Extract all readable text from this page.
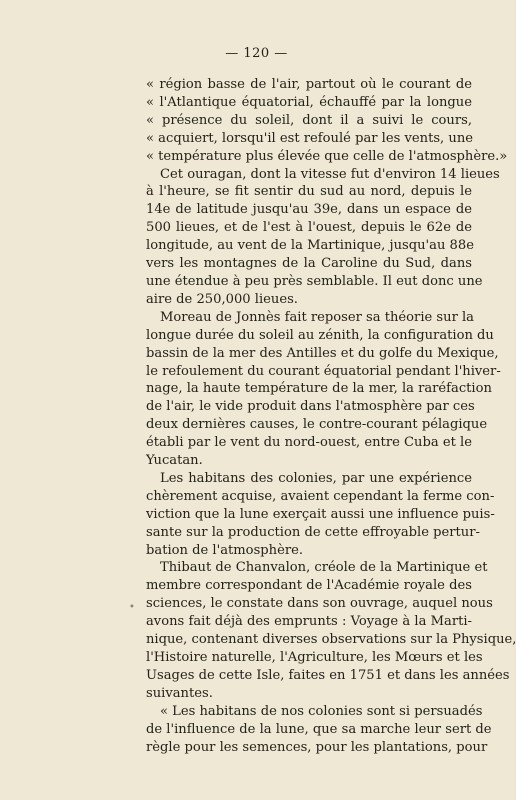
— 120 —
« région basse de l'air, partout où le courant de
« l'Atlantique équatorial, échauffé par la longue
« présence du soleil, dont il a suivi le cours,
« acquiert, lorsqu'il est refoulé par les vents, une
« température plus élevée que celle de l'atmosphère.»
Cet ouragan, dont la vitesse fut d'environ 14 lieues
à l'heure, se fit sentir du sud au nord, depuis le
14e de latitude jusqu'au 39e, dans un espace de
500 lieues, et de l'est à l'ouest, depuis le 62e de
longitude, au vent de la Martinique, jusqu'au 88e
vers les montagnes de la Caroline du Sud, dans
une étendue à peu près semblable. Il eut donc une
aire de 250,000 lieues.
Moreau de Jonnès fait reposer sa théorie sur la
longue durée du soleil au zénith, la configuration du
bassin de la mer des Antilles et du golfe du Mexique,
le refoulement du courant équatorial pendant l'hiver-
nage, la haute température de la mer, la raréfaction
de l'air, le vide produit dans l'atmosphère par ces
deux dernières causes, le contre-courant pélagique
établi par le vent du nord-ouest, entre Cuba et le
Yucatan.
Les habitans des colonies, par une expérience
chèrement acquise, avaient cependant la ferme con-
viction que la lune exerçait aussi une influence puis-
sante sur la production de cette effroyable pertur-
bation de l'atmosphère.
Thibaut de Chanvalon, créole de la Martinique et
membre correspondant de l'Académie royale des
sciences, le constate dans son ouvrage, auquel nous
avons fait déjà des emprunts : Voyage à la Marti-
nique, contenant diverses observations sur la Physique,
l'Histoire naturelle, l'Agriculture, les Mœurs et les
Usages de cette Isle, faites en 1751 et dans les années
suivantes.
« Les habitans de nos colonies sont si persuadés
de l'influence de la lune, que sa marche leur sert de
règle pour les semences, pour les plantations, pour
•
